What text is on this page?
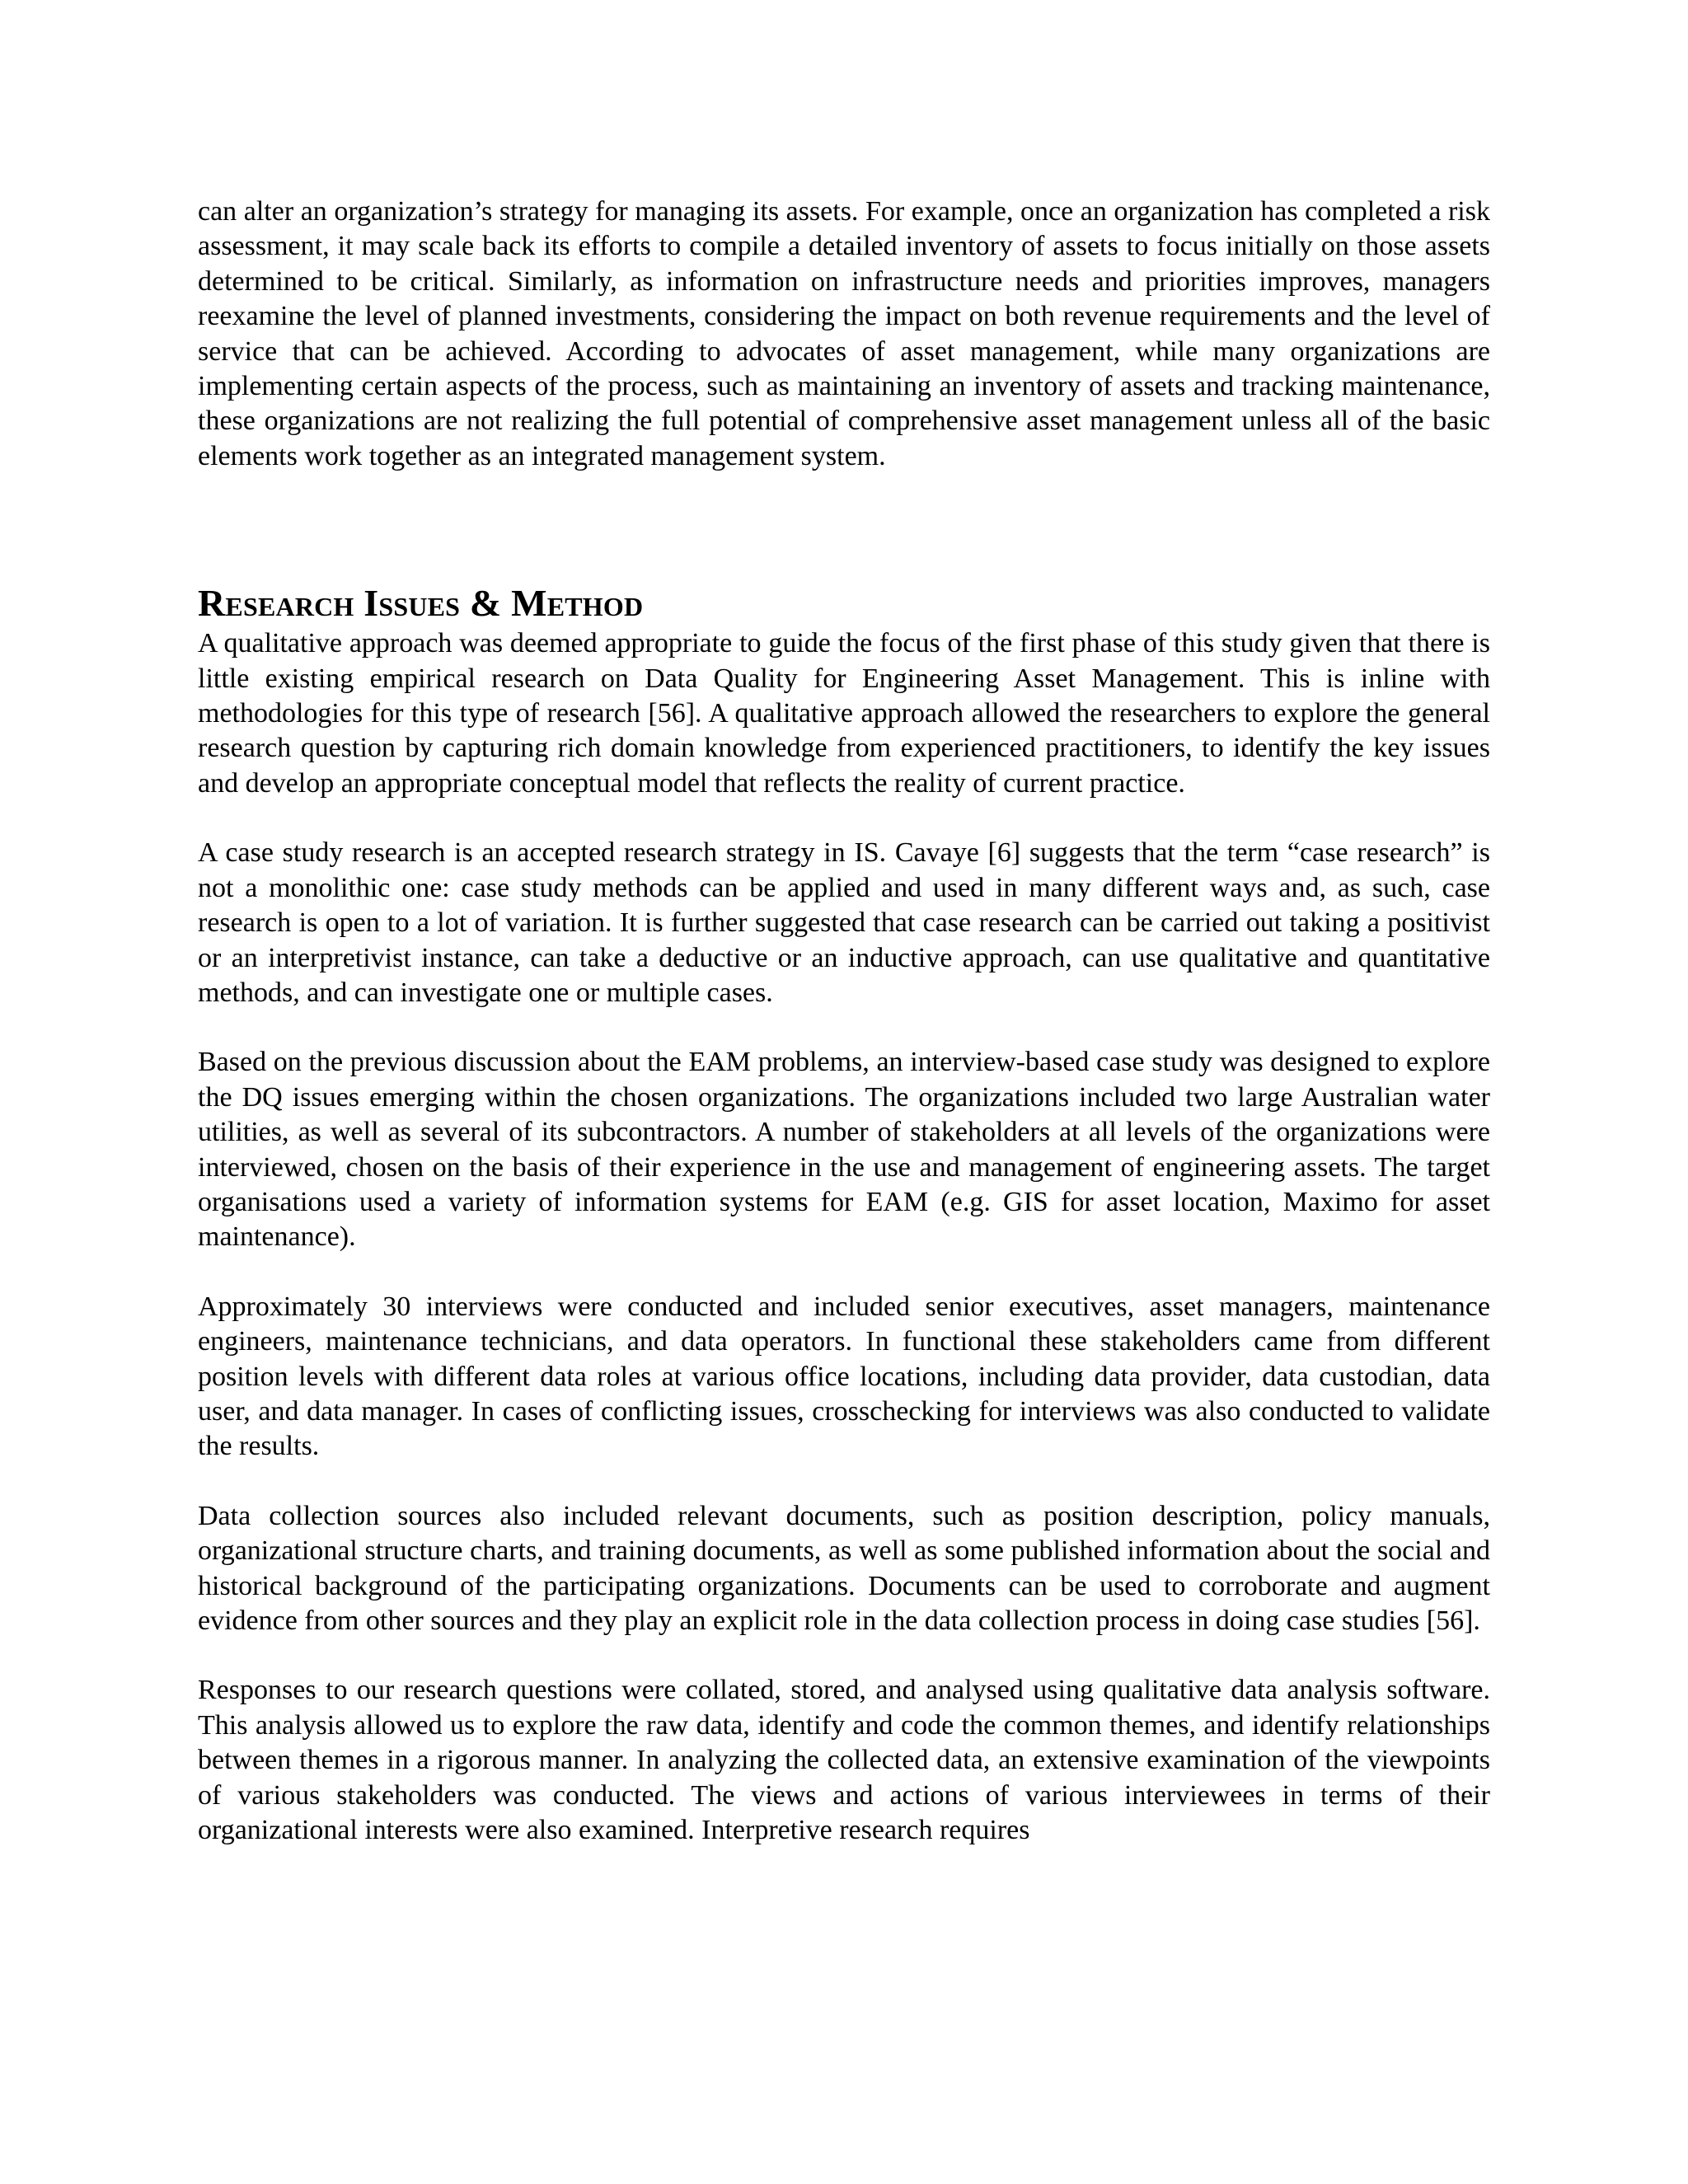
can alter an organization’s strategy for managing its assets. For example, once an organization has completed a risk assessment, it may scale back its efforts to compile a detailed inventory of assets to focus initially on those assets determined to be critical. Similarly, as information on infrastructure needs and priorities improves, managers reexamine the level of planned investments, considering the impact on both revenue requirements and the level of service that can be achieved. According to advocates of asset management, while many organizations are implementing certain aspects of the process, such as maintaining an inventory of assets and tracking maintenance, these organizations are not realizing the full potential of comprehensive asset management unless all of the basic elements work together as an integrated management system.

Research Issues & Method

A qualitative approach was deemed appropriate to guide the focus of the first phase of this study given that there is little existing empirical research on Data Quality for Engineering Asset Management. This is inline with methodologies for this type of research [56]. A qualitative approach allowed the researchers to explore the general research question by capturing rich domain knowledge from experienced practitioners, to identify the key issues and develop an appropriate conceptual model that reflects the reality of current practice.

A case study research is an accepted research strategy in IS. Cavaye [6] suggests that the term “case research” is not a monolithic one: case study methods can be applied and used in many different ways and, as such, case research is open to a lot of variation. It is further suggested that case research can be carried out taking a positivist or an interpretivist instance, can take a deductive or an inductive approach, can use qualitative and quantitative methods, and can investigate one or multiple cases.

Based on the previous discussion about the EAM problems, an interview-based case study was designed to explore the DQ issues emerging within the chosen organizations. The organizations included two large Australian water utilities, as well as several of its subcontractors. A number of stakeholders at all levels of the organizations were interviewed, chosen on the basis of their experience in the use and management of engineering assets. The target organisations used a variety of information systems for EAM (e.g. GIS for asset location, Maximo for asset maintenance).

Approximately 30 interviews were conducted and included senior executives, asset managers, maintenance engineers, maintenance technicians, and data operators. In functional these stakeholders came from different position levels with different data roles at various office locations, including data provider, data custodian, data user, and data manager. In cases of conflicting issues, crosschecking for interviews was also conducted to validate the results.

Data collection sources also included relevant documents, such as position description, policy manuals, organizational structure charts, and training documents, as well as some published information about the social and historical background of the participating organizations. Documents can be used to corroborate and augment evidence from other sources and they play an explicit role in the data collection process in doing case studies [56].

Responses to our research questions were collated, stored, and analysed using qualitative data analysis software. This analysis allowed us to explore the raw data, identify and code the common themes, and identify relationships between themes in a rigorous manner. In analyzing the collected data, an extensive examination of the viewpoints of various stakeholders was conducted. The views and actions of various interviewees in terms of their organizational interests were also examined. Interpretive research requires
